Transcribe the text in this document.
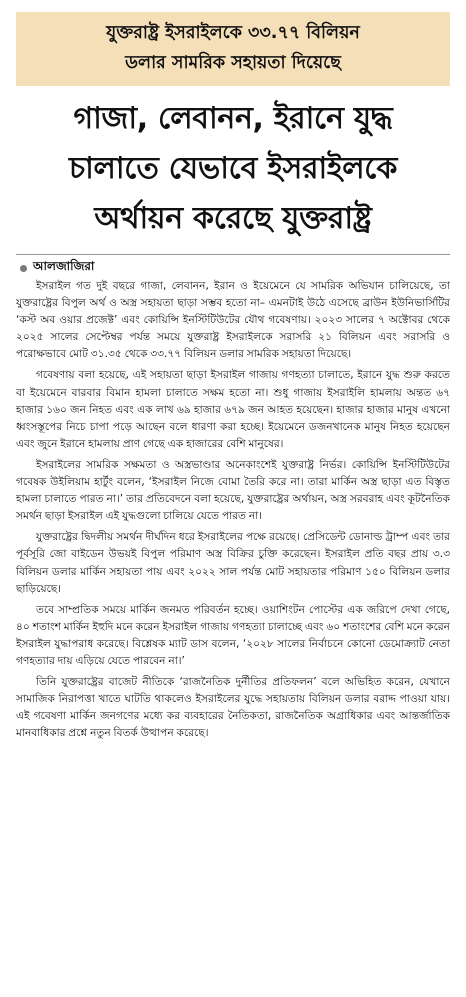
যুক্তরাষ্ট্র ইসরাইলকে ৩৩.৭৭ বিলিয়ন
ডলার সামরিক সহায়তা দিয়েছে
গাজা, লেবানন, ইরানে যুদ্ধ
চালাতে যেভাবে ইসরাইলকে
অর্থায়ন করেছে যুক্তরাষ্ট্র
আলজাজিরা

ইসরাইল গত দুই বছরে গাজা, লেবানন, ইরান ও ইয়েমেনে যে সামরিক অভিযান চালিয়েছে, তা যুক্তরাষ্ট্রের বিপুল অর্থ ও অস্ত্র সহায়তা ছাড়া সম্ভব হতো না– এমনটাই উঠে এসেছে ব্রাউন ইউনিভার্সিটির ‘কস্ট অব ওয়ার প্রজেক্ট’ এবং কোয়িন্সি ইনস্টিটিউটের যৌথ গবেষণায়। ২০২৩ সালের ৭ অক্টোবর থেকে ২০২৫ সালের সেপ্টেম্বর পর্যন্ত সময়ে যুক্তরাষ্ট্র ইসরাইলকে সরাসরি ২১ বিলিয়ন এবং সরাসরি ও পরোক্ষভাবে মোট ৩১.৩৫ থেকে ৩৩.৭৭ বিলিয়ন ডলার সামরিক সহায়তা দিয়েছে।

গবেষণায় বলা হয়েছে, এই সহায়তা ছাড়া ইসরাইল গাজায় গণহত্যা চালাতে, ইরানে যুদ্ধ শুরু করতে বা ইয়েমেনে বারবার বিমান হামলা চালাতে সক্ষম হতো না। শুধু গাজায় ইসরাইলি হামলায় অন্তত ৬৭ হাজার ১৬০ জন নিহত এবং এক লাখ ৬৯ হাজার ৬৭৯ জন আহত হয়েছেন। হাজার হাজার মানুষ এখনো ধ্বংসস্তূপের নিচে চাপা পড়ে আছেন বলে ধারণা করা হচ্ছে। ইয়েমেনে ডজনখানেক মানুষ নিহত হয়েছেন এবং জুনে ইরানে হামলায় প্রাণ গেছে এক হাজারের বেশি মানুষের।

ইসরাইলের সামরিক সক্ষমতা ও অস্ত্রভাণ্ডার অনেকাংশেই যুক্তরাষ্ট্র নির্ভর। কোয়িন্সি ইনস্টিটিউটের গবেষক উইলিয়াম হার্টুং বলেন, ‘ইসরাইল নিজে বোমা তৈরি করে না। তারা মার্কিন অস্ত্র ছাড়া এত বিস্তৃত হামলা চালাতে পারত না।’ তার প্রতিবেদনে বলা হয়েছে, যুক্তরাষ্ট্রের অর্থায়ন, অস্ত্র সরবরাহ এবং কূটনৈতিক সমর্থন ছাড়া ইসরাইল এই যুদ্ধগুলো চালিয়ে যেতে পারত না।

যুক্তরাষ্ট্রের দ্বিদলীয় সমর্থন দীর্ঘদিন ধরে ইসরাইলের পক্ষে রয়েছে। প্রেসিডেন্ট ডোনাল্ড ট্রাম্প এবং তার পূর্বসূরি জো বাইডেন উভয়ই বিপুল পরিমাণ অস্ত্র বিক্রির চুক্তি করেছেন। ইসরাইল প্রতি বছর প্রায় ৩.৩ বিলিয়ন ডলার মার্কিন সহায়তা পায় এবং ২০২২ সাল পর্যন্ত মোট সহায়তার পরিমাণ ১৫০ বিলিয়ন ডলার ছাড়িয়েছে।

তবে সাম্প্রতিক সময়ে মার্কিন জনমত পরিবর্তন হচ্ছে। ওয়াশিংটন পোস্টের এক জরিপে দেখা গেছে, ৪০ শতাংশ মার্কিন ইহুদি মনে করেন ইসরাইল গাজায় গণহত্যা চালাচ্ছে এবং ৬০ শতাংশের বেশি মনে করেন ইসরাইল যুদ্ধাপরাধ করেছে। বিশ্লেষক ম্যাট ডাস বলেন, ‘২০২৮ সালের নির্বাচনে কোনো ডেমোক্র্যাট নেতা গণহত্যার দায় এড়িয়ে যেতে পারবেন না।’

তিনি যুক্তরাষ্ট্রের বাজেট নীতিকে ‘রাজনৈতিক দুর্নীতির প্রতিফলন’ বলে অভিহিত করেন, যেখানে সামাজিক নিরাপত্তা খাতে ঘাটতি থাকলেও ইসরাইলের যুদ্ধে সহায়তায় বিলিয়ন ডলার বরাদ্দ পাওয়া যায়। এই গবেষণা মার্কিন জনগণের মধ্যে কর ব্যবহারের নৈতিকতা, রাজনৈতিক অগ্রাধিকার এবং আন্তর্জাতিক মানবাধিকার প্রশ্নে নতুন বিতর্ক উত্থাপন করেছে।
